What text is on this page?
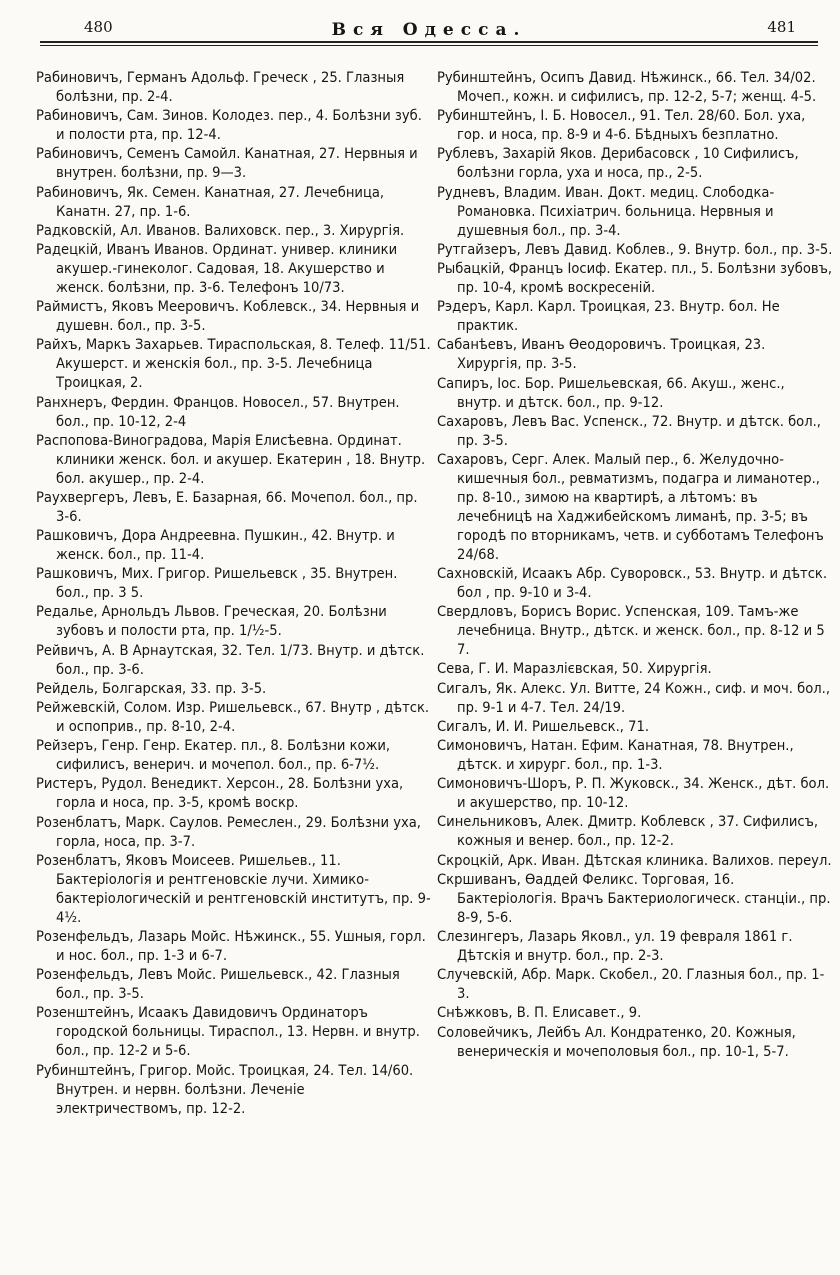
480	Вся Одесса.	481

Рабиновичъ, Германъ Адольф. Греческ , 25. Глазныя болѣзни, пр. 2-4.

Рабиновичъ, Сам. Зинов. Колодез. пер., 4. Болѣзни зуб. и полости рта, пр. 12-4.

Рабиновичъ, Семенъ Самойл. Канатная, 27. Нервныя и внутрен. болѣзни, пр. 9—3.

Рабиновичъ, Як. Семен. Канатная, 27. Лечебница, Канатн. 27, пр. 1-6.

Радковскій, Ал. Иванов. Валиховск. пер., 3. Хирургія.

Радецкій, Иванъ Иванов. Ординат. универ. клиники акушер.-гинеколог. Садовая, 18. Акушерство и женск. болѣзни, пр. 3-6. Телефонъ 10/73.

Раймистъ, Яковъ Мееровичъ. Коблевск., 34. Нервныя и душевн. бол., пр. 3-5.

Райхъ, Маркъ Захарьев. Тираспольская, 8. Телеф. 11/51. Акушерст. и женскія бол., пр. 3-5. Лечебница Троицкая, 2.

Ранхнеръ, Фердин. Францов. Новосел., 57. Внутрен. бол., пр. 10-12, 2-4

Распопова-Виноградова, Марія Елисѣевна. Ординат. клиники женск. бол. и акушер. Екатерин , 18. Внутр. бол. акушер., пр. 2-4.

Раухвергеръ, Левъ, Е. Базарная, 66. Мочепол. бол., пр. 3-6.

Рашковичъ, Дора Андреевна. Пушкин., 42. Внутр. и женск. бол., пр. 11-4.

Рашковичъ, Мих. Григор. Ришельевск , 35. Внутрен. бол., пр. 3 5.

Редалье, Арнольдъ Львов. Греческая, 20. Болѣзни зубовъ и полости рта, пр. 1/½-5.

Рейвичъ, А. В Арнаутская, 32. Тел. 1/73. Внутр. и дѣтск. бол., пр. 3-6.

Рейдель, Болгарская, 33. пр. 3-5.

Рейжевскій, Солом. Изр. Ришельевск., 67. Внутр , дѣтск. и оспоприв., пр. 8-10, 2-4.

Рейзеръ, Генр. Генр. Екатер. пл., 8. Болѣзни кожи, сифилисъ, венерич. и мочепол. бол., пр. 6-7½.

Ристеръ, Рудол. Венедикт. Херсон., 28. Болѣзни уха, горла и носа, пр. 3-5, кромѣ воскр.

Розенблатъ, Марк. Саулов. Ремеслен., 29. Болѣзни уха, горла, носа, пр. 3-7.

Розенблатъ, Яковъ Моисеев. Ришельев., 11. Бактеріологія и рентгеновскіе лучи. Химико-бактеріологическій и рентгеновскій институтъ, пр. 9-4½.

Розенфельдъ, Лазарь Мойс. Нѣжинск., 55. Ушныя, горл. и нос. бол., пр. 1-3 и 6-7.

Розенфельдъ, Левъ Мойс. Ришельевск., 42. Глазныя бол., пр. 3-5.

Розенштейнъ, Исаакъ Давидовичъ Ординаторъ городской больницы. Тираспол., 13. Нервн. и внутр. бол., пр. 12-2 и 5-6.

Рубинштейнъ, Григор. Мойс. Троицкая, 24. Тел. 14/60. Внутрен. и нервн. болѣзни. Леченіе электричествомъ, пр. 12-2.

Рубинштейнъ, Осипъ Давид. Нѣжинск., 66. Тел. 34/02. Мочеп., кожн. и сифилисъ, пр. 12-2, 5-7; женщ. 4-5.

Рубинштейнъ, І. Б. Новосел., 91. Тел. 28/60. Бол. уха, гор. и носа, пр. 8-9 и 4-6. Бѣдныхъ безплатно.

Рублевъ, Захарій Яков. Дерибасовск , 10 Сифилисъ, болѣзни горла, уха и носа, пр., 2-5.

Рудневъ, Владим. Иван. Докт. медиц. Слободка-Романовка. Психіатрич. больница. Нервныя и душевныя бол., пр. 3-4.

Рутгайзеръ, Левъ Давид. Коблев., 9. Внутр. бол., пр. 3-5.

Рыбацкій, Францъ Іосиф. Екатер. пл., 5. Болѣзни зубовъ, пр. 10-4, кромѣ воскресеній.

Рэдеръ, Карл. Карл. Троицкая, 23. Внутр. бол. Не практик.

Сабанѣевъ, Иванъ Ѳеодоровичъ. Троицкая, 23. Хирургія, пр. 3-5.

Сапиръ, Іос. Бор. Ришельевская, 66. Акуш., женс., внутр. и дѣтск. бол., пр. 9-12.

Сахаровъ, Левъ Вас. Успенск., 72. Внутр. и дѣтск. бол., пр. 3-5.

Сахаровъ, Серг. Алек. Малый пер., 6. Желудочно-кишечныя бол., ревматизмъ, подагра и лиманотер., пр. 8-10., зимою на квартирѣ, а лѣтомъ: въ лечебницѣ на Хаджибейскомъ лиманѣ, пр. 3-5; въ городѣ по вторникамъ, четв. и субботамъ Телефонъ 24/68.

Сахновскій, Исаакъ Абр. Суворовск., 53. Внутр. и дѣтск. бол , пр. 9-10 и 3-4.

Свердловъ, Борисъ Ворис. Успенская, 109. Тамъ-же лечебница. Внутр., дѣтск. и женск. бол., пр. 8-12 и 5 7.

Сева, Г. И. Маразлієвская, 50. Хирургія.

Сигалъ, Як. Алекс. Ул. Витте, 24 Кожн., сиф. и моч. бол., пр. 9-1 и 4-7. Тел. 24/19.

Сигалъ, И. И. Ришельевск., 71.

Симоновичъ, Натан. Ефим. Канатная, 78. Внутрен., дѣтск. и хирург. бол., пр. 1-3.

Симоновичъ-Шоръ, Р. П. Жуковск., 34. Женск., дѣт. бол. и акушерство, пр. 10-12.

Синельниковъ, Алек. Дмитр. Коблевск , 37. Сифилисъ, кожныя и венер. бол., пр. 12-2.

Скроцкій, Арк. Иван. Дѣтская клиника. Валихов. переул.

Скршиванъ, Ѳаддей Феликс. Торговая, 16. Бактеріологія. Врачъ Бактериологическ. станціи., пр. 8-9, 5-6.

Слезингеръ, Лазарь Яковл., ул. 19 февраля 1861 г. Дѣтскія и внутр. бол., пр. 2-3.

Случевскій, Абр. Марк. Скобел., 20. Глазныя бол., пр. 1-3.

Снѣжковъ, В. П. Елисавет., 9.

Соловейчикъ, Лейбъ Ал. Кондратенко, 20. Кожныя, венерическія и мочеполовыя бол., пр. 10-1, 5-7.
